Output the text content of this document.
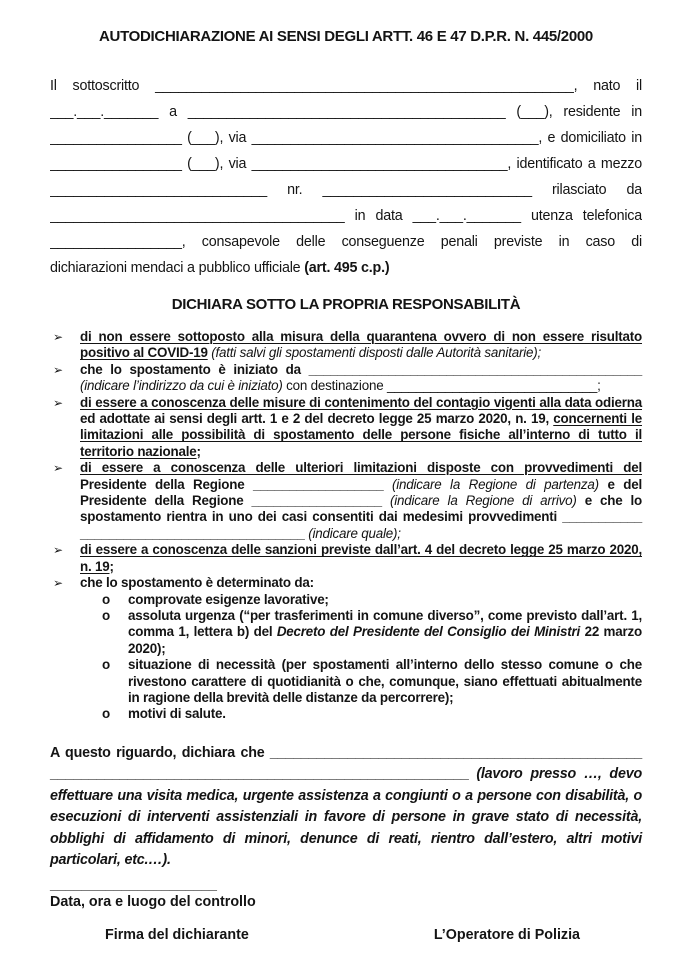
AUTODICHIARAZIONE AI SENSI DEGLI ARTT. 46 E 47 D.P.R. N. 445/2000
Il sottoscritto ______________________________________________________, nato il
___.___._______ a _________________________________________ (___), residente in
_________________ (___), via _____________________________________, e domiciliato in
_________________ (___), via _________________________________, identificato a mezzo
____________________________ nr. ___________________________ rilasciato da
______________________________________ in data ___.___._______ utenza telefonica
_________________, consapevole delle conseguenze penali previste in caso di
dichiarazioni mendaci a pubblico ufficiale (art. 495 c.p.)
DICHIARA SOTTO LA PROPRIA RESPONSABILITÀ
➢	di non essere sottoposto alla misura della quarantena ovvero di non essere risultato positivo al COVID-19 (fatti salvi gli spostamenti disposti dalle Autorità sanitarie);
➢	che lo spostamento è iniziato da ______________________________________________ (indicare l’indirizzo da cui è iniziato) con destinazione _____________________________;
➢	di essere a conoscenza delle misure di contenimento del contagio vigenti alla data odierna ed adottate ai sensi degli artt. 1 e 2 del decreto legge 25 marzo 2020, n. 19, concernenti le limitazioni alle possibilità di spostamento delle persone fisiche all’interno di tutto il territorio nazionale;
➢	di essere a conoscenza delle ulteriori limitazioni disposte con provvedimenti del Presidente della Regione __________________ (indicare la Regione di partenza) e del Presidente della Regione __________________ (indicare la Regione di arrivo) e che lo spostamento rientra in uno dei casi consentiti dai medesimi provvedimenti ___________ _______________________________ (indicare quale);
➢	di essere a conoscenza delle sanzioni previste dall’art. 4 del decreto legge 25 marzo 2020, n. 19;
➢	che lo spostamento è determinato da:
o	comprovate esigenze lavorative;
o	assoluta urgenza (“per trasferimenti in comune diverso”, come previsto dall’art. 1, comma 1, lettera b) del Decreto del Presidente del Consiglio dei Ministri 22 marzo 2020);
o	situazione di necessità (per spostamenti all’interno dello stesso comune o che rivestono carattere di quotidianità o che, comunque, siano effettuati abitualmente in ragione della brevità delle distanze da percorrere);
o	motivi di salute.
A questo riguardo, dichiara che ________________________________________________ ______________________________________________________ (lavoro presso …, devo effettuare una visita medica, urgente assistenza a congiunti o a persone con disabilità, o esecuzioni di interventi assistenziali in favore di persone in grave stato di necessità, obblighi di affidamento di minori, denunce di reati, rientro dall’estero, altri motivi particolari, etc.…).
_____________________
Data, ora e luogo del controllo
Firma del dichiarante	L’Operatore di Polizia
